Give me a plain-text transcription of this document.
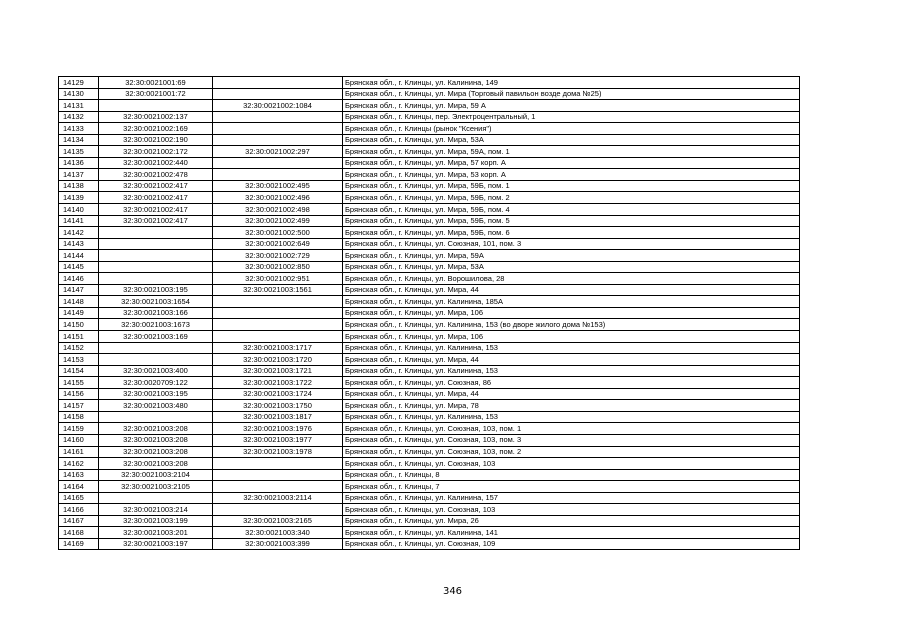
14129	32:30:0021001:69		Брянская обл., г. Клинцы, ул. Калинина, 149
14130	32:30:0021001:72		Брянская обл., г. Клинцы, ул. Мира (Торговый павильон возде дома №25)
14131		32:30:0021002:1084	Брянская обл., г. Клинцы, ул. Мира, 59 А
14132	32:30:0021002:137		Брянская обл., г. Клинцы, пер. Электроцентральный, 1
14133	32:30:0021002:169		Брянская обл., г. Клинцы (рынок "Ксения")
14134	32:30:0021002:190		Брянская обл., г. Клинцы, ул. Мира, 53А
14135	32:30:0021002:172	32:30:0021002:297	Брянская обл., г. Клинцы, ул. Мира, 59А, пом. 1
14136	32:30:0021002:440		Брянская обл., г. Клинцы, ул. Мира, 57 корп. А
14137	32:30:0021002:478		Брянская обл., г. Клинцы, ул. Мира, 53 корп. А
14138	32:30:0021002:417	32:30:0021002:495	Брянская обл., г. Клинцы, ул. Мира, 59Б, пом. 1
14139	32:30:0021002:417	32:30:0021002:496	Брянская обл., г. Клинцы, ул. Мира, 59Б, пом. 2
14140	32:30:0021002:417	32:30:0021002:498	Брянская обл., г. Клинцы, ул. Мира, 59Б, пом. 4
14141	32:30:0021002:417	32:30:0021002:499	Брянская обл., г. Клинцы, ул. Мира, 59Б, пом. 5
14142		32:30:0021002:500	Брянская обл., г. Клинцы, ул. Мира, 59Б, пом. 6
14143		32:30:0021002:649	Брянская обл., г. Клинцы, ул. Союзная, 101, пом. 3
14144		32:30:0021002:729	Брянская обл., г. Клинцы, ул. Мира, 59А
14145		32:30:0021002:850	Брянская обл., г. Клинцы, ул. Мира, 53А
14146		32:30:0021002:951	Брянская обл., г. Клинцы, ул. Ворошилова, 28
14147	32:30:0021003:195	32:30:0021003:1561	Брянская обл., г. Клинцы, ул. Мира, 44
14148	32:30:0021003:1654		Брянская обл., г. Клинцы, ул. Калинина, 185А
14149	32:30:0021003:166		Брянская обл., г. Клинцы, ул. Мира, 106
14150	32:30:0021003:1673		Брянская обл., г. Клинцы, ул. Калинина, 153 (во дворе жилого дома №153)
14151	32:30:0021003:169		Брянская обл., г. Клинцы, ул. Мира, 106
14152		32:30:0021003:1717	Брянская обл., г. Клинцы, ул. Калинина, 153
14153		32:30:0021003:1720	Брянская обл., г. Клинцы, ул. Мира, 44
14154	32:30:0021003:400	32:30:0021003:1721	Брянская обл., г. Клинцы, ул. Калинина, 153
14155	32:30:0020709:122	32:30:0021003:1722	Брянская обл., г. Клинцы, ул. Союзная, 86
14156	32:30:0021003:195	32:30:0021003:1724	Брянская обл., г. Клинцы, ул. Мира, 44
14157	32:30:0021003:480	32:30:0021003:1750	Брянская обл., г. Клинцы, ул. Мира, 78
14158		32:30:0021003:1817	Брянская обл., г. Клинцы, ул. Калинина, 153
14159	32:30:0021003:208	32:30:0021003:1976	Брянская обл., г. Клинцы, ул. Союзная, 103, пом. 1
14160	32:30:0021003:208	32:30:0021003:1977	Брянская обл., г. Клинцы, ул. Союзная, 103, пом. 3
14161	32:30:0021003:208	32:30:0021003:1978	Брянская обл., г. Клинцы, ул. Союзная, 103, пом. 2
14162	32:30:0021003:208		Брянская обл., г. Клинцы, ул. Союзная, 103
14163	32:30:0021003:2104		Брянская обл., г. Клинцы, 8
14164	32:30:0021003:2105		Брянская обл., г. Клинцы, 7
14165		32:30:0021003:2114	Брянская обл., г. Клинцы, ул. Калинина, 157
14166	32:30:0021003:214		Брянская обл., г. Клинцы, ул. Союзная, 103
14167	32:30:0021003:199	32:30:0021003:2165	Брянская обл., г. Клинцы, ул. Мира, 26
14168	32:30:0021003:201	32:30:0021003:340	Брянская обл., г. Клинцы, ул. Калинина, 141
14169	32:30:0021003:197	32:30:0021003:399	Брянская обл., г. Клинцы, ул. Союзная, 109
346
